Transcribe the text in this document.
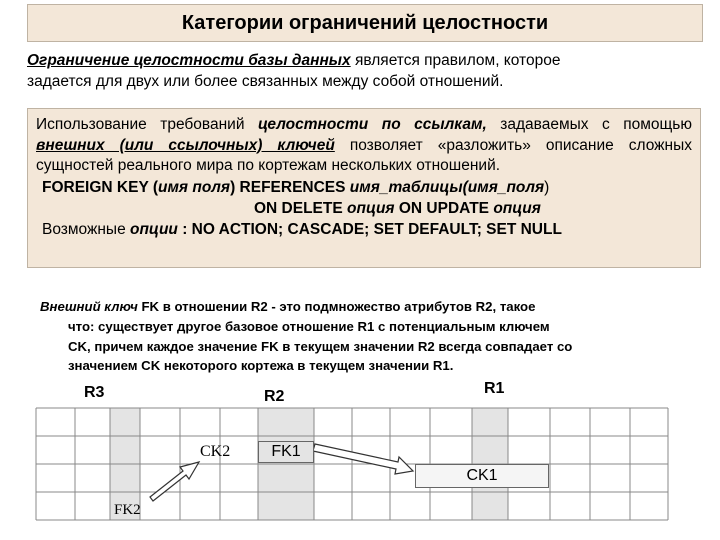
Категории ограничений целостности
Ограничение целостности базы данных является правилом, которое
задается для двух или более связанных между собой отношений.
Использование требований целостности по ссылкам, задаваемых с помощью внешних (или ссылочных) ключей позволяет «разложить» описание сложных сущностей реального мира по кортежам нескольких отношений.
FOREIGN KEY (имя поля) REFERENCES имя_таблицы(имя_поля)
ON DELETE опция ON UPDATE опция
Возможные опции : NO ACTION; CASCADE; SET DEFAULT; SET NULL
Внешний ключ FK в отношении R2 - это подмножество атрибутов R2, такое
что: существует другое базовое отношение R1 с потенциальным ключем
CK, причем каждое значение FK в текущем значении R2 всегда совпадает со
значением CK некоторого кортежа в текущем значении R1.
R3	R2	R1
CK2	FK1
CK1
FK2
